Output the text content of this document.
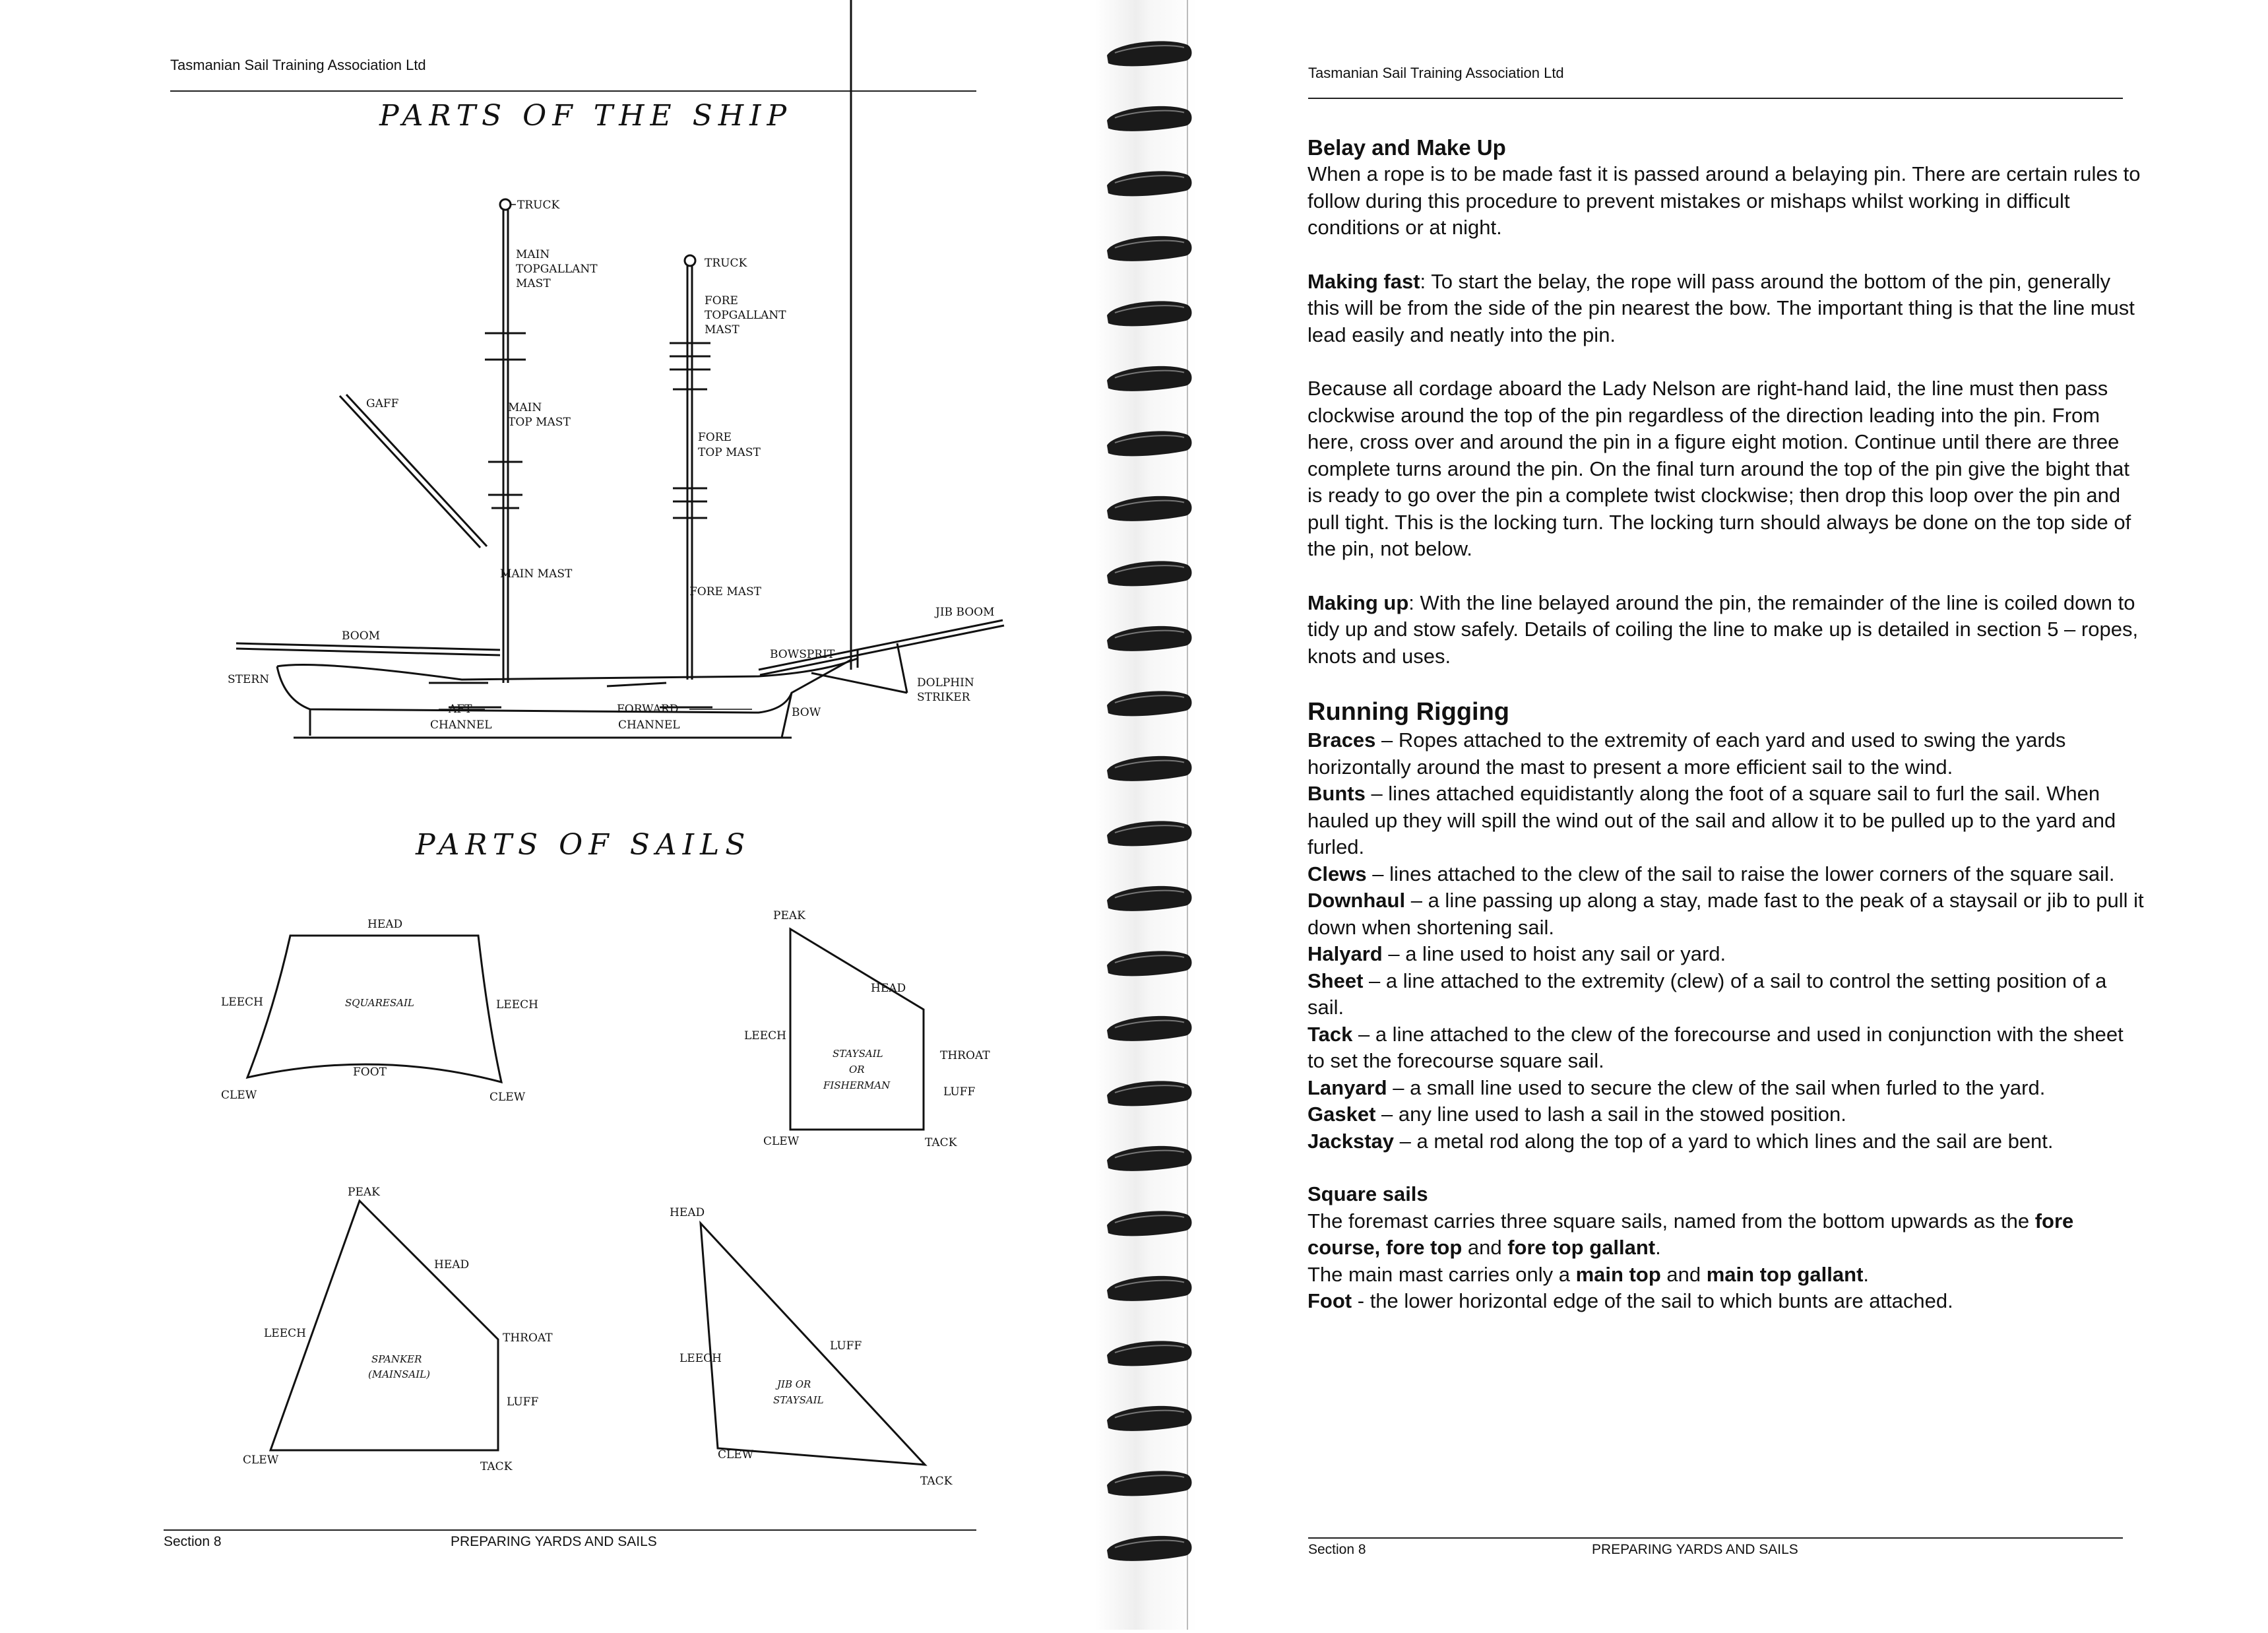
Tasmanian Sail Training Association Ltd
PARTS OF THE SHIP
TRUCK
MAIN
TOPGALLANT
MAST
TRUCK
FORE
TOPGALLANT
MAST
GAFF	MAIN
TOP MAST
FORE
TOP MAST
MAIN MAST
FORE MAST
JIB BOOM
BOOM
BOWSPRIT
STERN	DOLPHIN
STRIKER
BOW
AFT
CHANNEL
FORWARD
CHANNEL
PARTS OF SAILS
HEAD
LEECH	LEECH
SQUARESAIL
FOOT
CLEW	CLEW
PEAK
HEAD
LEECH
STAYSAIL
OR
FISHERMAN
THROAT
LUFF
CLEW	TACK
PEAK
HEAD
LEECH
SPANKER
(MAINSAIL)
THROAT
LUFF
CLEW	TACK
HEAD
LEECH
LUFF
JIB OR
STAYSAIL
CLEW
TACK
Section 8	PREPARING YARDS AND SAILS
Tasmanian Sail Training Association Ltd
Belay and Make Up

When a rope is to be made fast it is passed around a belaying pin. There are certain rules to follow during this procedure to prevent mistakes or mishaps whilst working in difficult conditions or at night.

Making fast: To start the belay, the rope will pass around the bottom of the pin, generally this will be from the side of the pin nearest the bow. The important thing is that the line must lead easily and neatly into the pin.

Because all cordage aboard the Lady Nelson are right-hand laid, the line must then pass clockwise around the top of the pin regardless of the direction leading into the pin. From here, cross over and around the pin in a figure eight motion. Continue until there are three complete turns around the pin. On the final turn around the top of the pin give the bight that is ready to go over the pin a complete twist clockwise; then drop this loop over the pin and pull tight. This is the locking turn. The locking turn should always be done on the top side of the pin, not below.

Making up: With the line belayed around the pin, the remainder of the line is coiled down to tidy up and stow safely. Details of coiling the line to make up is detailed in section 5 – ropes, knots and uses.

Running Rigging

Braces – Ropes attached to the extremity of each yard and used to swing the yards horizontally around the mast to present a more efficient sail to the wind.

Bunts – lines attached equidistantly along the foot of a square sail to furl the sail. When hauled up they will spill the wind out of the sail and allow it to be pulled up to the yard and furled.

Clews – lines attached to the clew of the sail to raise the lower corners of the square sail.

Downhaul – a line passing up along a stay, made fast to the peak of a staysail or jib to pull it down when shortening sail.

Halyard – a line used to hoist any sail or yard.

Sheet – a line attached to the extremity (clew) of a sail to control the setting position of a sail.

Tack – a line attached to the clew of the forecourse and used in conjunction with the sheet to set the forecourse square sail.

Lanyard – a small line used to secure the clew of the sail when furled to the yard.

Gasket – any line used to lash a sail in the stowed position.

Jackstay – a metal rod along the top of a yard to which lines and the sail are bent.

Square sails

The foremast carries three square sails, named from the bottom upwards as the fore course, fore top and fore top gallant.

The main mast carries only a main top and main top gallant.

Foot - the lower horizontal edge of the sail to which bunts are attached.

Section 8	PREPARING YARDS AND SAILS
